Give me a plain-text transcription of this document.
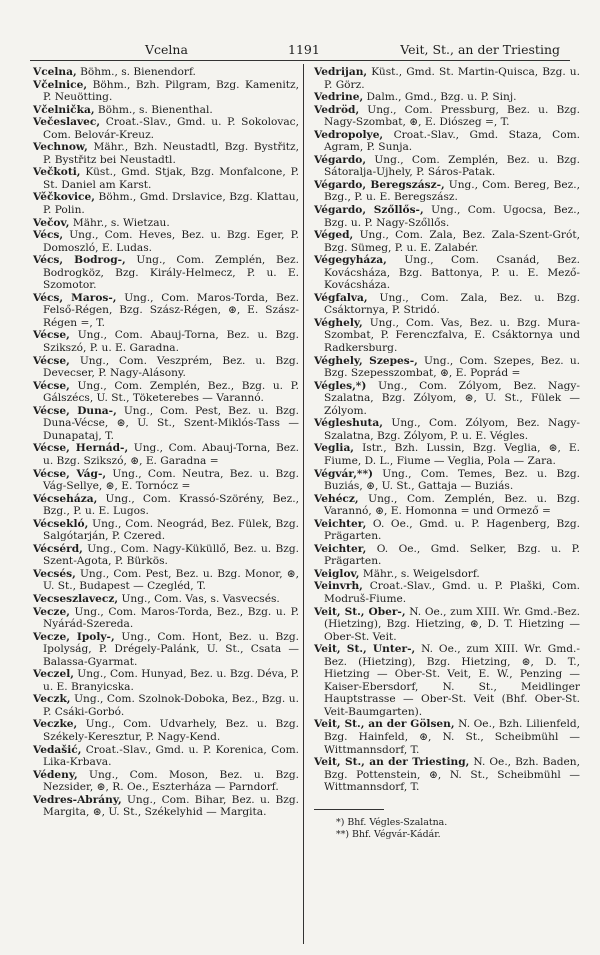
Vcelna	1191	Veit, St., an der Triesting

Vcelna, Böhm., s. Bienendorf.

Včelnice, Böhm., Bzh. Pilgram, Bzg. Kamenitz, P. Neuötting.

Včelnička, Böhm., s. Bienenthal.

Večeslavec, Croat.-Slav., Gmd. u. P. Sokolovac, Com. Belovár-Kreuz.

Vechnow, Mähr., Bzh. Neustadtl, Bzg. Bystřitz, P. Bystřitz bei Neustadtl.

Večkoti, Küst., Gmd. Stjak, Bzg. Monfalcone, P. St. Daniel am Karst.

Věčkovice, Böhm., Gmd. Drslavice, Bzg. Klattau, P. Polin.

Večov, Mähr., s. Wietzau.

Vécs, Ung., Com. Heves, Bez. u. Bzg. Eger, P. Domoszló, E. Ludas.

Vécs, Bodrog-, Ung., Com. Zemplén, Bez. Bodrogköz, Bzg. Király-Helmecz, P. u. E. Szomotor.

Vécs, Maros-, Ung., Com. Maros-Torda, Bez. Felső-Régen, Bzg. Szász-Régen, ⊛, E. Szász-Régen =, T.

Vécse, Ung., Com. Abauj-Torna, Bez. u. Bzg. Szikszó, P. u. E. Garadna.

Vécse, Ung., Com. Veszprém, Bez. u. Bzg. Devecser, P. Nagy-Alásony.

Vécse, Ung., Com. Zemplén, Bez., Bzg. u. P. Gálszécs, U. St., Töketerebes — Varannó.

Vécse, Duna-, Ung., Com. Pest, Bez. u. Bzg. Duna-Vécse, ⊛, U. St., Szent-Miklós-Tass — Dunapataj, T.

Vécse, Hernád-, Ung., Com. Abauj-Torna, Bez. u. Bzg. Szikszó, ⊛, E. Garadna =

Vécse, Vág-, Ung., Com. Neutra, Bez. u. Bzg. Vág-Sellye, ⊛, E. Tornócz =

Vécseháza, Ung., Com. Krassó-Szörény, Bez., Bzg., P. u. E. Lugos.

Vécsekló, Ung., Com. Neográd, Bez. Fülek, Bzg. Salgótarján, P. Czered.

Vécsérd, Ung., Com. Nagy-Küküllő, Bez. u. Bzg. Szent-Agota, P. Bürkös.

Vecsés, Ung., Com. Pest, Bez. u. Bzg. Monor, ⊛, U. St., Budapest — Czegléd, T.

Vecseszlavecz, Ung., Com. Vas, s. Vasvecsés.

Vecze, Ung., Com. Maros-Torda, Bez., Bzg. u. P. Nyárád-Szereda.

Vecze, Ipoly-, Ung., Com. Hont, Bez. u. Bzg. Ipolyság, P. Drégely-Palánk, U. St., Csata — Balassa-Gyarmat.

Veczel, Ung., Com. Hunyad, Bez. u. Bzg. Déva, P. u. E. Branyicska.

Veczk, Ung., Com. Szolnok-Doboka, Bez., Bzg. u. P. Csáki-Gorbó.

Veczke, Ung., Com. Udvarhely, Bez. u. Bzg. Székely-Keresztur, P. Nagy-Kend.

Vedašić, Croat.-Slav., Gmd. u. P. Korenica, Com. Lika-Krbava.

Védeny, Ung., Com. Moson, Bez. u. Bzg. Nezsider, ⊛, R. Oe., Eszterháza — Parndorf.

Vedres-Abrány, Ung., Com. Bihar, Bez. u. Bzg. Margita, ⊛, U. St., Székelyhid — Margita.

Vedrijan, Küst., Gmd. St. Martin-Quisca, Bzg. u. P. Görz.

Vedrine, Dalm., Gmd., Bzg. u. P. Sinj.

Vedröd, Ung., Com. Pressburg, Bez. u. Bzg. Nagy-Szombat, ⊛, E. Diószeg =, T.

Vedropolye, Croat.-Slav., Gmd. Staza, Com. Agram, P. Sunja.

Végardo, Ung., Com. Zemplén, Bez. u. Bzg. Sátoralja-Ujhely, P. Sáros-Patak.

Végardo, Beregszász-, Ung., Com. Bereg, Bez., Bzg., P. u. E. Beregszász.

Végardo, Szőllős-, Ung., Com. Ugocsa, Bez., Bzg. u. P. Nagy-Szőllős.

Véged, Ung., Com. Zala, Bez. Zala-Szent-Grót, Bzg. Sümeg, P. u. E. Zalabér.

Végegyháza, Ung., Com. Csanád, Bez. Kovácsháza, Bzg. Battonya, P. u. E. Mező-Kovácsháza.

Végfalva, Ung., Com. Zala, Bez. u. Bzg. Csáktornya, P. Stridó.

Véghely, Ung., Com. Vas, Bez. u. Bzg. Mura-Szombat, P. Ferenczfalva, E. Csáktornya und Radkersburg.

Véghely, Szepes-, Ung., Com. Szepes, Bez. u. Bzg. Szepesszombat, ⊛, E. Poprád =

Végles,*) Ung., Com. Zólyom, Bez. Nagy-Szalatna, Bzg. Zólyom, ⊛, U. St., Fülek — Zólyom.

Végleshuta, Ung., Com. Zólyom, Bez. Nagy-Szalatna, Bzg. Zólyom, P. u. E. Végles.

Veglia, Istr., Bzh. Lussin, Bzg. Veglia, ⊛, E. Fiume, D. L., Fiume — Veglia, Pola — Zara.

Végvár,**) Ung., Com. Temes, Bez. u. Bzg. Buziás, ⊛, U. St., Gattaja — Buziás.

Vehécz, Ung., Com. Zemplén, Bez. u. Bzg. Varannó, ⊛, E. Homonna = und Ormező =

Veichter, O. Oe., Gmd. u. P. Hagenberg, Bzg. Prägarten.

Veichter, O. Oe., Gmd. Selker, Bzg. u. P. Prägarten.

Veiglov, Mähr., s. Weigelsdorf.

Veinvrh, Croat.-Slav., Gmd. u. P. Plaški, Com. Modruš-Fiume.

Veit, St., Ober-, N. Oe., zum XIII. Wr. Gmd.-Bez. (Hietzing), Bzg. Hietzing, ⊛, D. T. Hietzing — Ober-St. Veit.

Veit, St., Unter-, N. Oe., zum XIII. Wr. Gmd.-Bez. (Hietzing), Bzg. Hietzing, ⊛, D. T., Hietzing — Ober-St. Veit, E. W., Penzing — Kaiser-Ebersdorf, N. St., Meidlinger Hauptstrasse — Ober-St. Veit (Bhf. Ober-St. Veit-Baumgarten).

Veit, St., an der Gölsen, N. Oe., Bzh. Lilienfeld, Bzg. Hainfeld, ⊛, N. St., Scheibmühl — Wittmannsdorf, T.

Veit, St., an der Triesting, N. Oe., Bzh. Baden, Bzg. Pottenstein, ⊛, N. St., Scheibmühl — Wittmannsdorf, T.

*) Bhf. Végles-Szalatna.
**) Bhf. Végvár-Kádár.
